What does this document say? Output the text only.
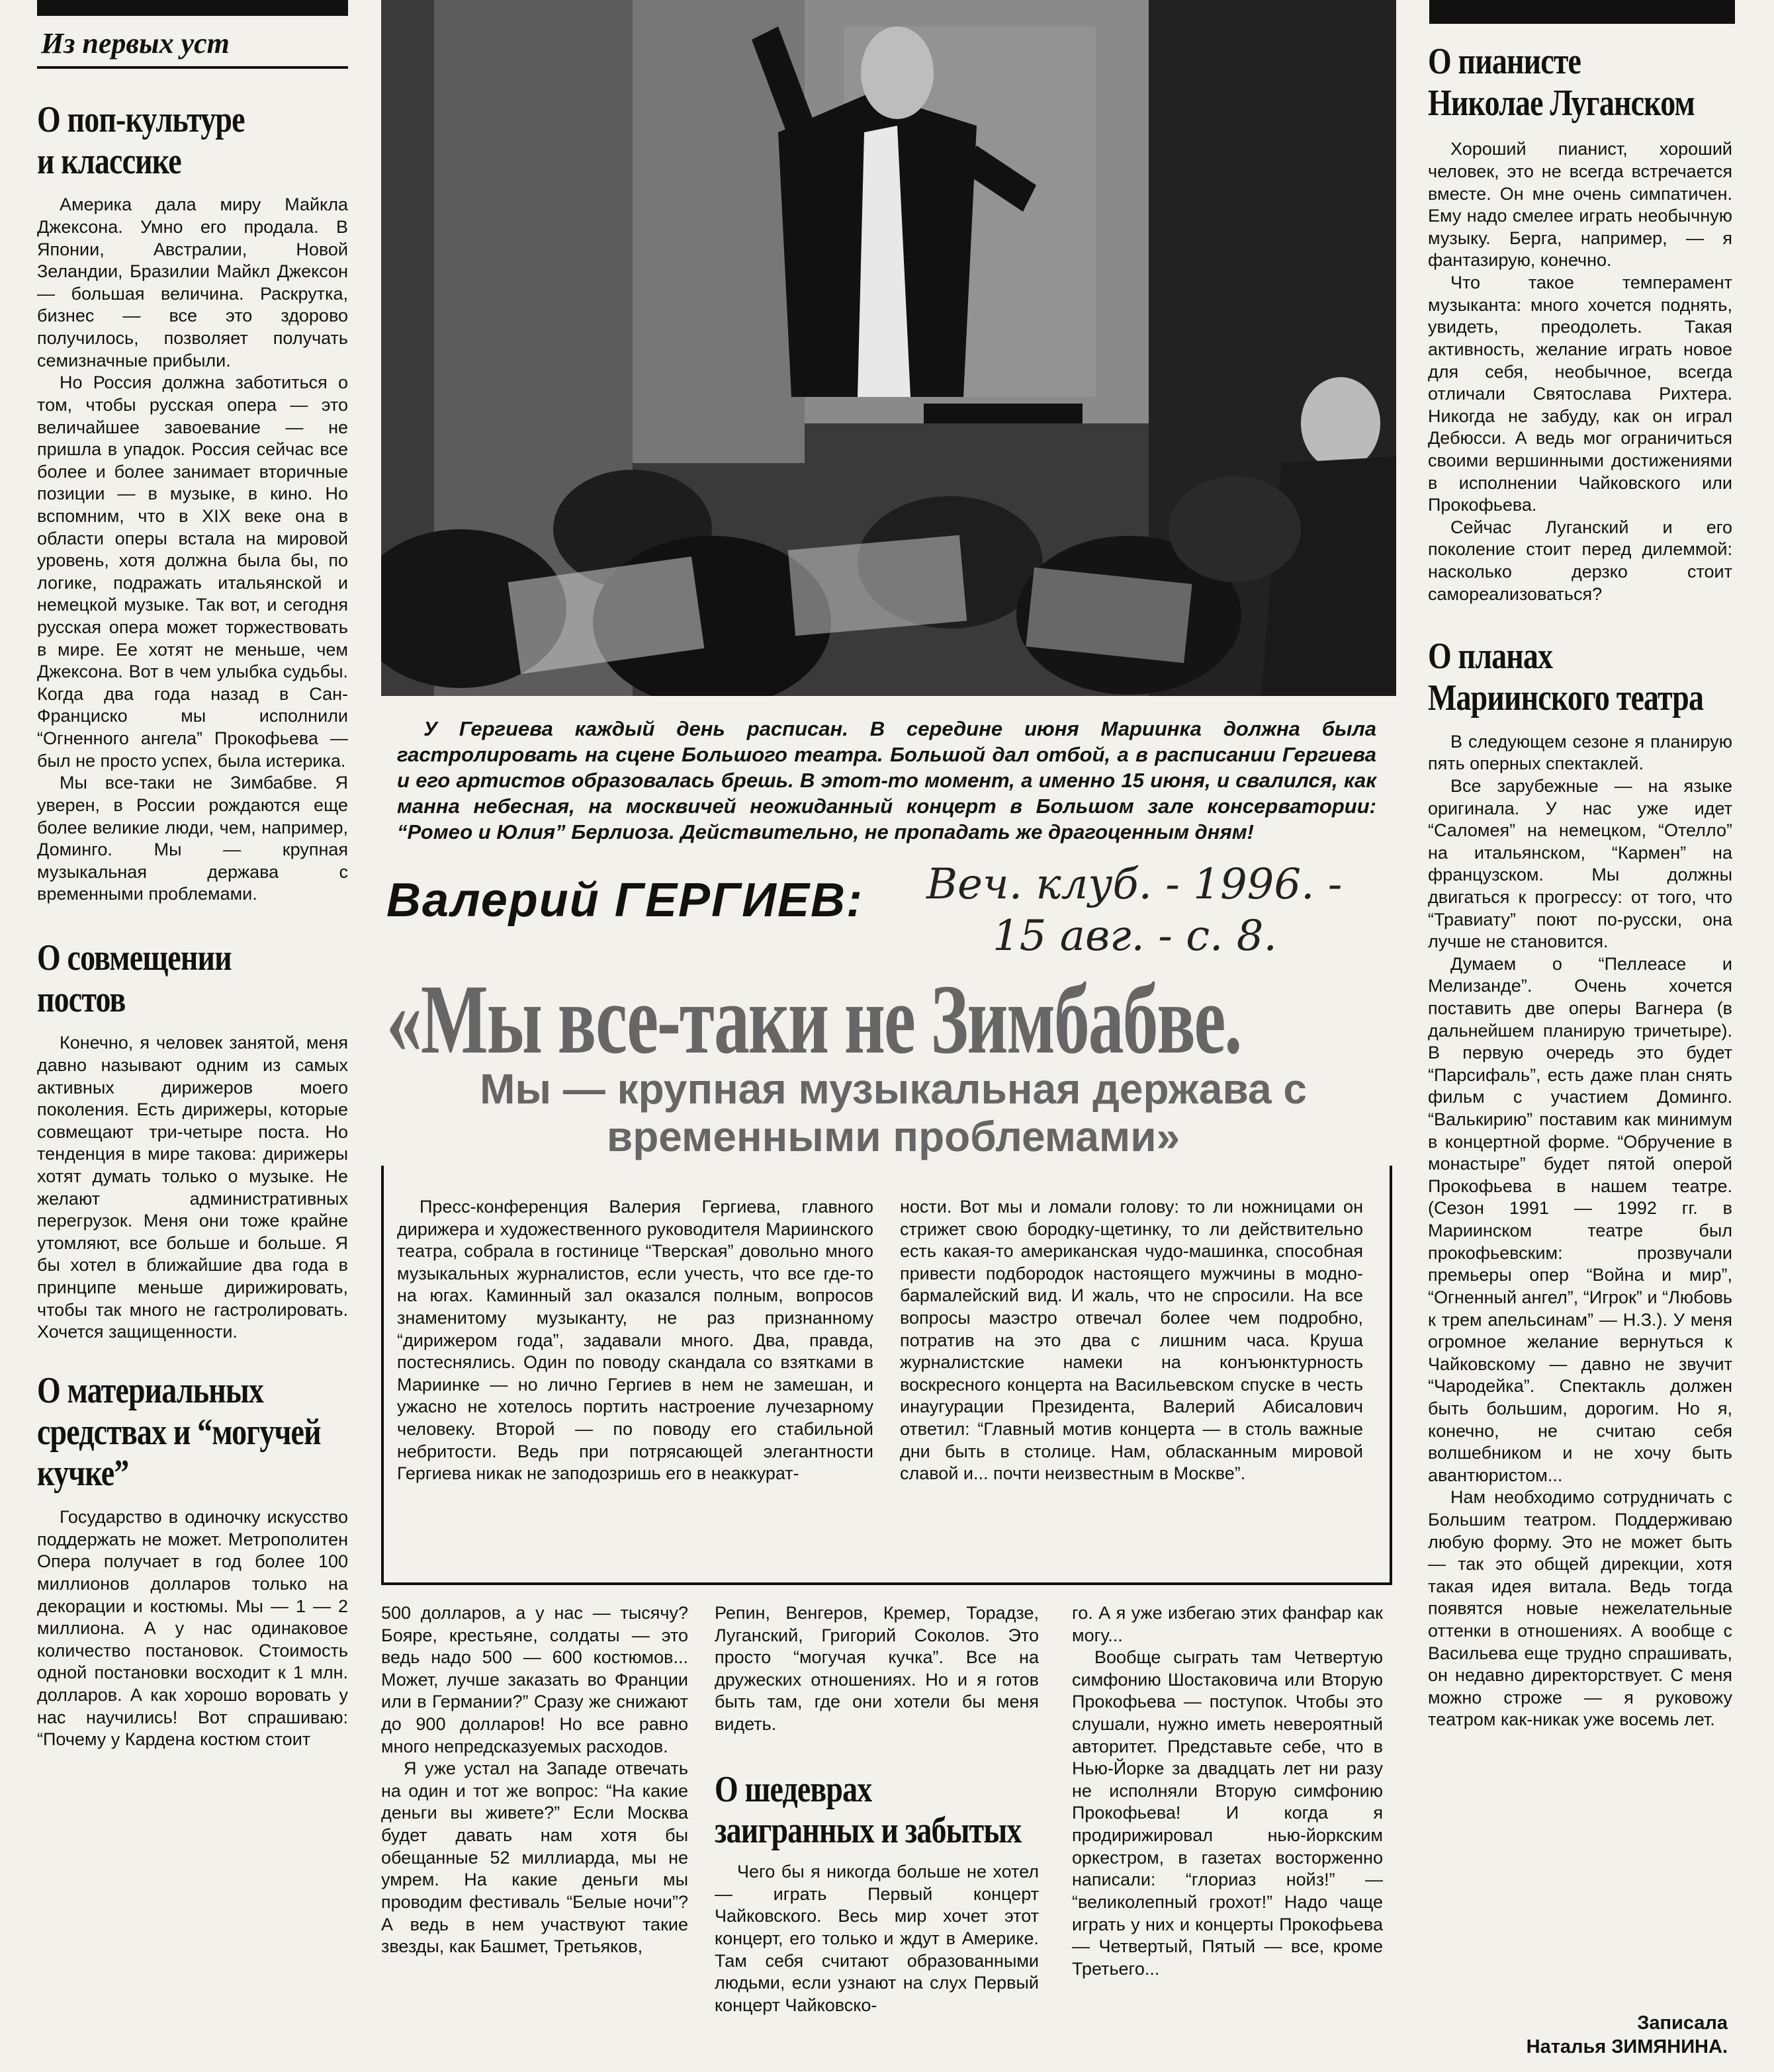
Из первых уст
О поп-культуре
и классике

Америка дала миру Майкла Джексона. Умно его продала. В Японии, Австралии, Новой Зеландии, Бразилии Майкл Джексон — большая величина. Раскрутка, бизнес — все это здорово получилось, позволяет получать семизначные прибыли.

Но Россия должна заботиться о том, чтобы русская опера — это величайшее завоевание — не пришла в упадок. Россия сейчас все более и более занимает вторичные позиции — в музыке, в кино. Но вспомним, что в XIX веке она в области оперы встала на мировой уровень, хотя должна была бы, по логике, подражать итальянской и немецкой музыке. Так вот, и сегодня русская опера может торжествовать в мире. Ее хотят не меньше, чем Джексона. Вот в чем улыбка судьбы. Когда два года назад в Сан-Франциско мы исполнили “Огненного ангела” Прокофьева — был не просто успех, была истерика.

Мы все-таки не Зимбабве. Я уверен, в России рождаются еще более великие люди, чем, например, Доминго. Мы — крупная музыкальная держава с временными проблемами.

О совмещении
постов

Конечно, я человек занятой, меня давно называют одним из самых активных дирижеров моего поколения. Есть дирижеры, которые совмещают три-четыре поста. Но тенденция в мире такова: дирижеры хотят думать только о музыке. Не желают административных перегрузок. Меня они тоже крайне утомляют, все больше и больше. Я бы хотел в ближайшие два года в принципе меньше дирижировать, чтобы так много не гастролировать. Хочется защищенности.

О материальных
средствах и “могучей
кучке”

Государство в одиночку искусство поддержать не может. Метрополитен Опера получает в год более 100 миллионов долларов только на декорации и костюмы. Мы — 1 — 2 миллиона. А у нас одинаковое количество постановок. Стоимость одной постановки восходит к 1 млн. долларов. А как хорошо воровать у нас научились! Вот спрашиваю: “Почему у Кардена костюм стоит

У Гергиева каждый день расписан. В середине июня Мариинка должна была гастролировать на сцене Большого театра. Большой дал отбой, а в расписании Гергиева и его артистов образовалась брешь. В этот-то момент, а именно 15 июня, и свалился, как манна небесная, на москвичей неожиданный концерт в Большом зале консерватории: “Ромео и Юлия” Берлиоза. Действительно, не пропадать же драгоценным дням!

Валерий ГЕРГИЕВ: Веч. клуб. - 1996. -
15 авг. - с. 8.
«Мы все-таки не Зимбабве.
Мы — крупная музыкальная держава с временными проблемами»

Пресс-конференция Валерия Гергиева, главного дирижера и художественного руководителя Мариинского театра, собрала в гостинице “Тверская” довольно много музыкальных журналистов, если учесть, что все где-то на югах. Каминный зал оказался полным, вопросов знаменитому музыканту, не раз признанному “дирижером года”, задавали много. Два, правда, постеснялись. Один по поводу скандала со взятками в Мариинке — но лично Гергиев в нем не замешан, и ужасно не хотелось портить настроение лучезарному человеку. Второй — по поводу его стабильной небритости. Ведь при потрясающей элегантности Гергиева никак не заподозришь его в неаккурат-

ности. Вот мы и ломали голову: то ли ножницами он стрижет свою бородку-щетинку, то ли действительно есть какая-то американская чудо-машинка, способная привести подбородок настоящего мужчины в модно-бармалейский вид. И жаль, что не спросили. На все вопросы маэстро отвечал более чем подробно, потратив на это два с лишним часа. Круша журналистские намеки на конъюнктурность воскресного концерта на Васильевском спуске в честь инаугурации Президента, Валерий Абисалович ответил: “Главный мотив концерта — в столь важные дни быть в столице. Нам, обласканным мировой славой и... почти неизвестным в Москве”.

500 долларов, а у нас — тысячу? Бояре, крестьяне, солдаты — это ведь надо 500 — 600 костюмов... Может, лучше заказать во Франции или в Германии?” Сразу же снижают до 900 долларов! Но все равно много непредсказуемых расходов.

Я уже устал на Западе отвечать на один и тот же вопрос: “На какие деньги вы живете?” Если Москва будет давать нам хотя бы обещанные 52 миллиарда, мы не умрем. На какие деньги мы проводим фестиваль “Белые ночи”? А ведь в нем участвуют такие звезды, как Башмет, Третьяков,

Репин, Венгеров, Кремер, Торадзе, Луганский, Григорий Соколов. Это просто “могучая кучка”. Все на дружеских отношениях. Но и я готов быть там, где они хотели бы меня видеть.

О шедеврах
заигранных и забытых

Чего бы я никогда больше не хотел — играть Первый концерт Чайковского. Весь мир хочет этот концерт, его только и ждут в Америке. Там себя считают образованными людьми, если узнают на слух Первый концерт Чайковско-

го. А я уже избегаю этих фанфар как могу...

Вообще сыграть там Четвертую симфонию Шостаковича или Вторую Прокофьева — поступок. Чтобы это слушали, нужно иметь невероятный авторитет. Представьте себе, что в Нью-Йорке за двадцать лет ни разу не исполняли Вторую симфонию Прокофьева! И когда я продирижировал нью-йоркским оркестром, в газетах восторженно написали: “глориаз нойз!” — “великолепный грохот!” Надо чаще играть у них и концерты Прокофьева — Четвертый, Пятый — все, кроме Третьего...

О пианисте
Николае Луганском

Хороший пианист, хороший человек, это не всегда встречается вместе. Он мне очень симпатичен. Ему надо смелее играть необычную музыку. Берга, например, — я фантазирую, конечно.

Что такое темперамент музыканта: много хочется поднять, увидеть, преодолеть. Такая активность, желание играть новое для себя, необычное, всегда отличали Святослава Рихтера. Никогда не забуду, как он играл Дебюсси. А ведь мог ограничиться своими вершинными достижениями в исполнении Чайковского или Прокофьева.

Сейчас Луганский и его поколение стоит перед дилеммой: насколько дерзко стоит самореализоваться?

О планах
Мариинского театра

В следующем сезоне я планирую пять оперных спектаклей.

Все зарубежные — на языке оригинала. У нас уже идет “Саломея” на немецком, “Отелло” на итальянском, “Кармен” на французском. Мы должны двигаться к прогрессу: от того, что “Травиату” поют по-русски, она лучше не становится.

Думаем о “Пеллеасе и Мелизанде”. Очень хочется поставить две оперы Вагнера (в дальнейшем планирую тричетыре). В первую очередь это будет “Парсифаль”, есть даже план снять фильм с участием Доминго. “Валькирию” поставим как минимум в концертной форме. “Обручение в монастыре” будет пятой оперой Прокофьева в нашем театре. (Сезон 1991 — 1992 гг. в Мариинском театре был прокофьевским: прозвучали премьеры опер “Война и мир”, “Огненный ангел”, “Игрок” и “Любовь к трем апельсинам” — Н.З.). У меня огромное желание вернуться к Чайковскому — давно не звучит “Чародейка”. Спектакль должен быть большим, дорогим. Но я, конечно, не считаю себя волшебником и не хочу быть авантюристом...

Нам необходимо сотрудничать с Большим театром. Поддерживаю любую форму. Это не может быть — так это общей дирекции, хотя такая идея витала. Ведь тогда появятся новые нежелательные оттенки в отношениях. А вообще с Васильева еще трудно спрашивать, он недавно директорствует. С меня можно строже — я руковожу театром как-никак уже восемь лет.

Записала
Наталья ЗИМЯНИНА.
